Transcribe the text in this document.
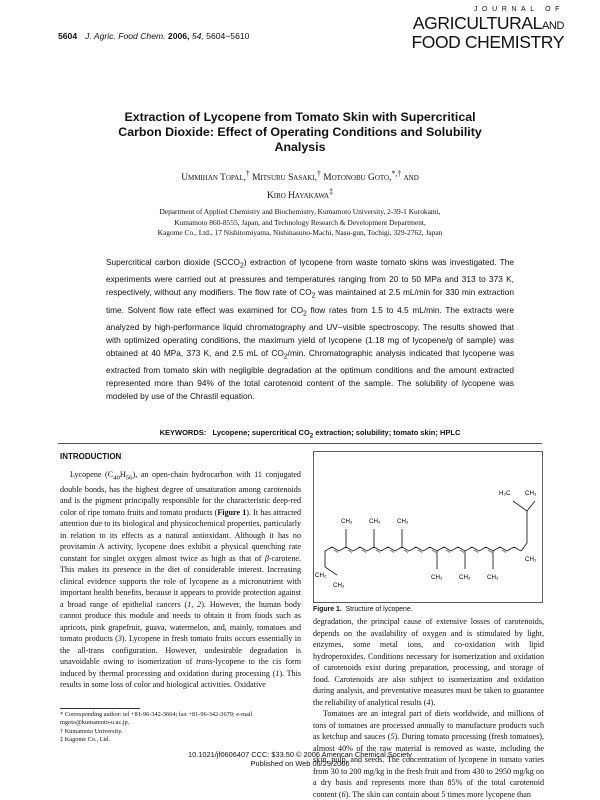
5604 J. Agric. Food Chem. 2006, 54, 5604−5610
JOURNAL OF
AGRICULTURALAND
FOOD CHEMISTRY
Extraction of Lycopene from Tomato Skin with Supercritical
Carbon Dioxide: Effect of Operating Conditions and Solubility
Analysis
Ummihan Topal,† Mitsuru Sasaki,† Motonobu Goto,*,† and
Kiro Hayakawa‡
Department of Applied Chemistry and Biochemistry, Kumamoto University, 2-39-1 Kurokami,
Kumamoto 860-8555, Japan, and Technology Research & Development Department,
Kagome Co., Ltd., 17 Nishitomiyama, Nishinasuno-Machi, Nasu-gun, Tochigi, 329-2762, Japan
Supercritical carbon dioxide $(SCCO_2)$ extraction of lycopene from waste tomato skins was investigated. The experiments were carried out at pressures and temperatures ranging from 20 to 50 MPa and 313 to 373 K, respectively, without any modifiers. The flow rate of $CO_2$ was maintained at 2.5 mL/min for 330 min extraction time. Solvent flow rate effect was examined for $CO_2$ flow rates from 1.5 to 4.5 mL/min. The extracts were analyzed by high-performance liquid chromatography and UV−visible spectroscopy. The results showed that with optimized operating conditions, the maximum yield of lycopene (1.18 mg of lycopene/g of sample) was obtained at 40 MPa, 373 K, and 2.5 mL of $CO_2/\min$. Chromatographic analysis indicated that lycopene was extracted from tomato skin with negligible degradation at the optimum conditions and the amount extracted represented more than 94% of the total carotenoid content of the sample. The solubility of lycopene was modeled by use of the Chrastil equation.
KEYWORDS: Lycopene; supercritical $CO_2$ extraction; solubility; tomato skin; HPLC
INTRODUCTION

Lycopene $(C_{40}H_{56})$, an open-chain hydrocarbon with 11 conjugated double bonds, has the highest degree of unsaturation among carotenoids and is the pigment principally responsible for the characteristic deep-red color of ripe tomato fruits and tomato products (Figure 1). It has attracted attention due to its biological and physicochemical properties, particularly in relation to its effects as a natural antioxidant. Although it has no provitamin A activity, lycopene does exhibit a physical quenching rate constant for singlet oxygen almost twice as high as that of β-carotene. This makes its presence in the diet of considerable interest. Increasing clinical evidence supports the role of lycopene as a micronutrient with important health benefits, because it appears to provide protection against a broad range of epithelial cancers (1, 2). However, the human body cannot produce this module and needs to obtain it from foods such as apricots, pink grapefruit, guava, watermelon, and, mainly, tomatoes and tomato products (3). Lycopene in fresh tomato fruits occurs essentially in the all-trans configuration. However, undesirable degradation is unavoidable owing to isomerization of trans-lycopene to the cis form induced by thermal processing and oxidation during processing (1). This results in some loss of color and biological activities. Oxidative

* Corresponding author: tel +81-96-342-3664; fax +81-96-342-3679; e-mail mgoto@kumamoto-u.ac.jp.
† Kumamoto University.
‡ Kagome Co., Ltd.
CH₃	CH₃	CH₃
CH₃	CH₃	CH₃
CH₃
CH₂
H₃C CH₃
CH₂
Figure 1. Structure of lycopene.

degradation, the principal cause of extensive losses of carotenoids, depends on the availability of oxygen and is stimulated by light, enzymes, some metal ions, and co-oxidation with lipid hydroperoxides. Conditions necessary for isomerization and oxidation of carotenoids exist during preparation, processing, and storage of food. Carotenoids are also subject to isomerization and oxidation during analysis, and preventative measures must be taken to guarantee the reliability of analytical results (4).

Tomatoes are an integral part of diets worldwide, and millions of tons of tomatoes are processed annually to manufacture products such as ketchup and sauces (5). During tomato processing (fresh tomatoes), almost 40% of the raw material is removed as waste, including the skin, pulp, and seeds. The concentration of lycopene in tomato varies from 30 to 200 mg/kg in the fresh fruit and from 430 to 2950 mg/kg on a dry basis and represents more than 85% of the total carotenoid content (6). The skin can contain about 5 times more lycopene than

10.1021/jf0606407 CCC: $33.50 © 2006 American Chemical Society
Published on Web 06/29/2006
